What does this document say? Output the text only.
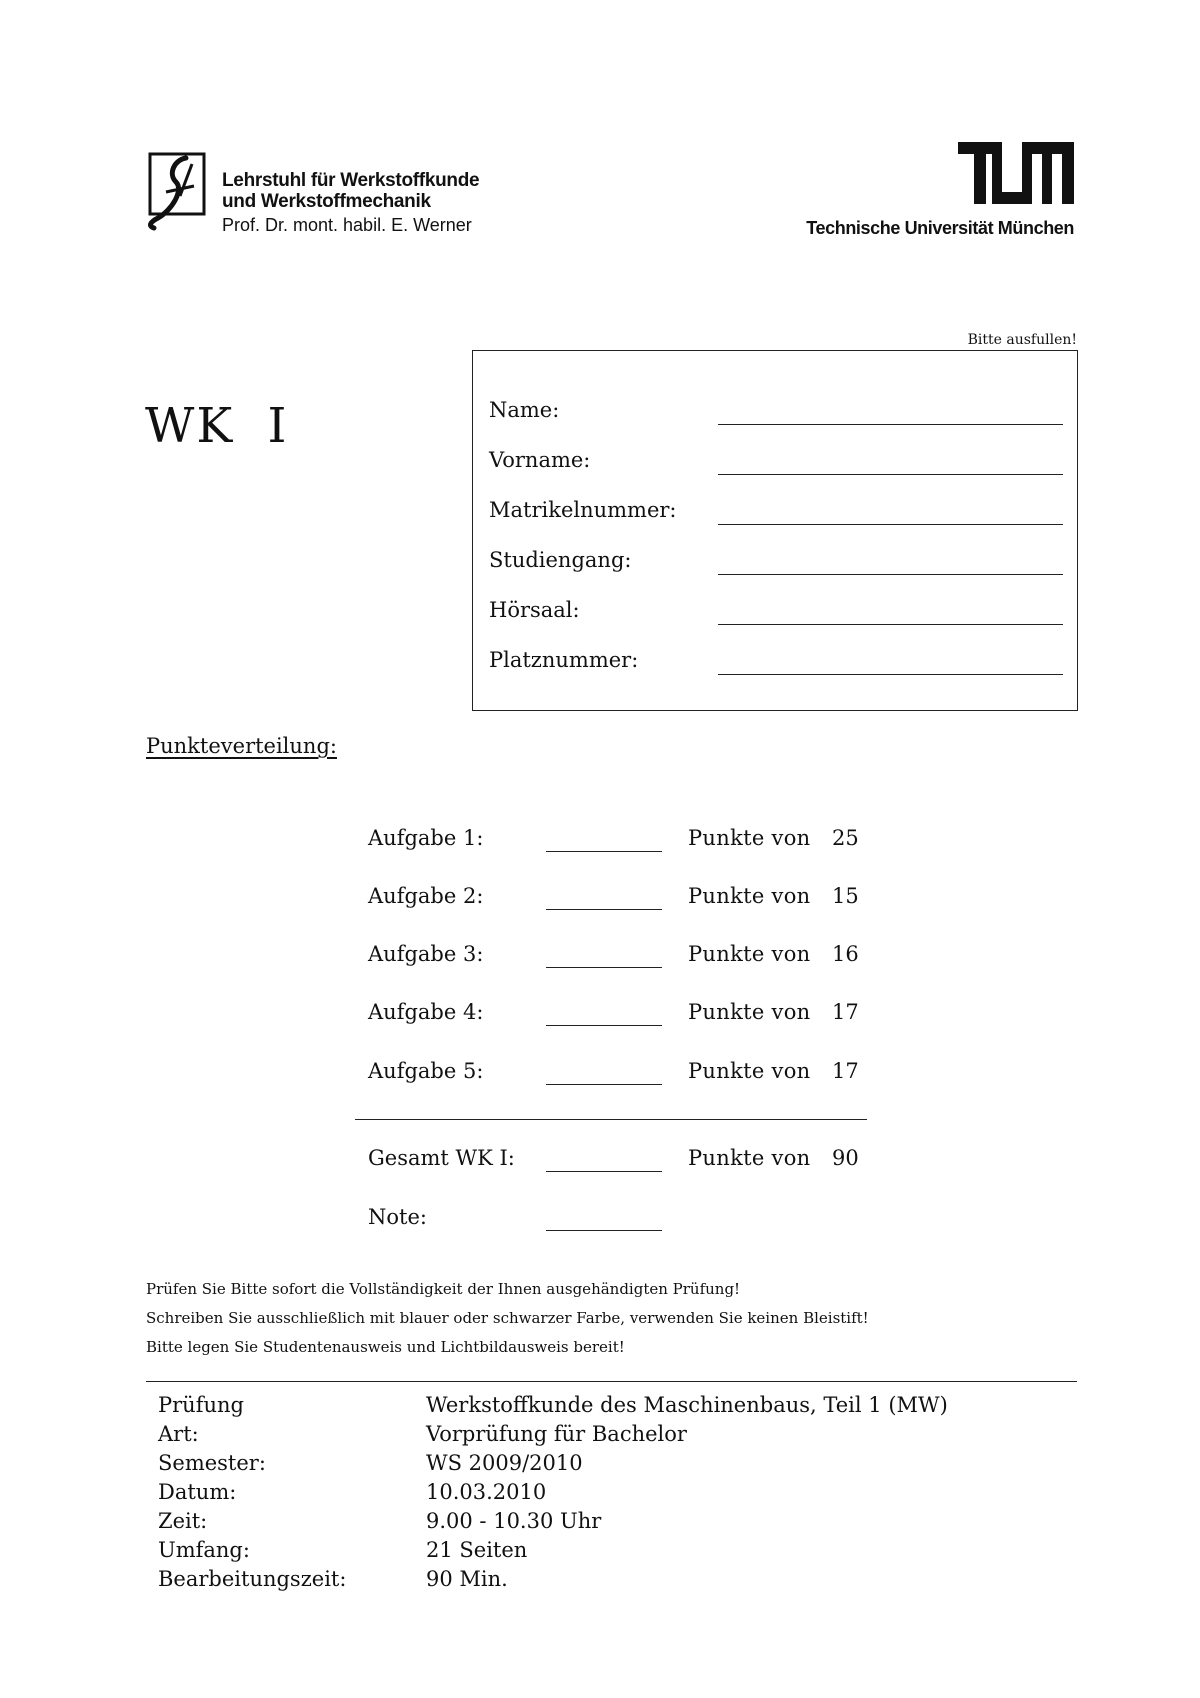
Lehrstuhl für Werkstoffkunde
und Werkstoffmechanik
Prof. Dr. mont. habil. E. Werner	Technische Universität München
WK I
Bitte ausfullen!
Name:
Vorname:
Matrikelnummer:
Studiengang:
Hörsaal:
Platznummer:
Punkteverteilung:
Aufgabe 1:	Punkte von 25
Aufgabe 2:	Punkte von 15
Aufgabe 3:	Punkte von 16
Aufgabe 4:	Punkte von 17
Aufgabe 5:	Punkte von 17
Gesamt WK I:	Punkte von 90
Note:
Prüfen Sie Bitte sofort die Vollständigkeit der Ihnen ausgehändigten Prüfung!
Schreiben Sie ausschließlich mit blauer oder schwarzer Farbe, verwenden Sie keinen Bleistift!
Bitte legen Sie Studentenausweis und Lichtbildausweis bereit!
Prüfung	Werkstoffkunde des Maschinenbaus, Teil 1 (MW)
Art:	Vorprüfung für Bachelor
Semester:	WS 2009/2010
Datum:	10.03.2010
Zeit:	9.00 - 10.30 Uhr
Umfang:	21 Seiten
Bearbeitungszeit:	90 Min.
